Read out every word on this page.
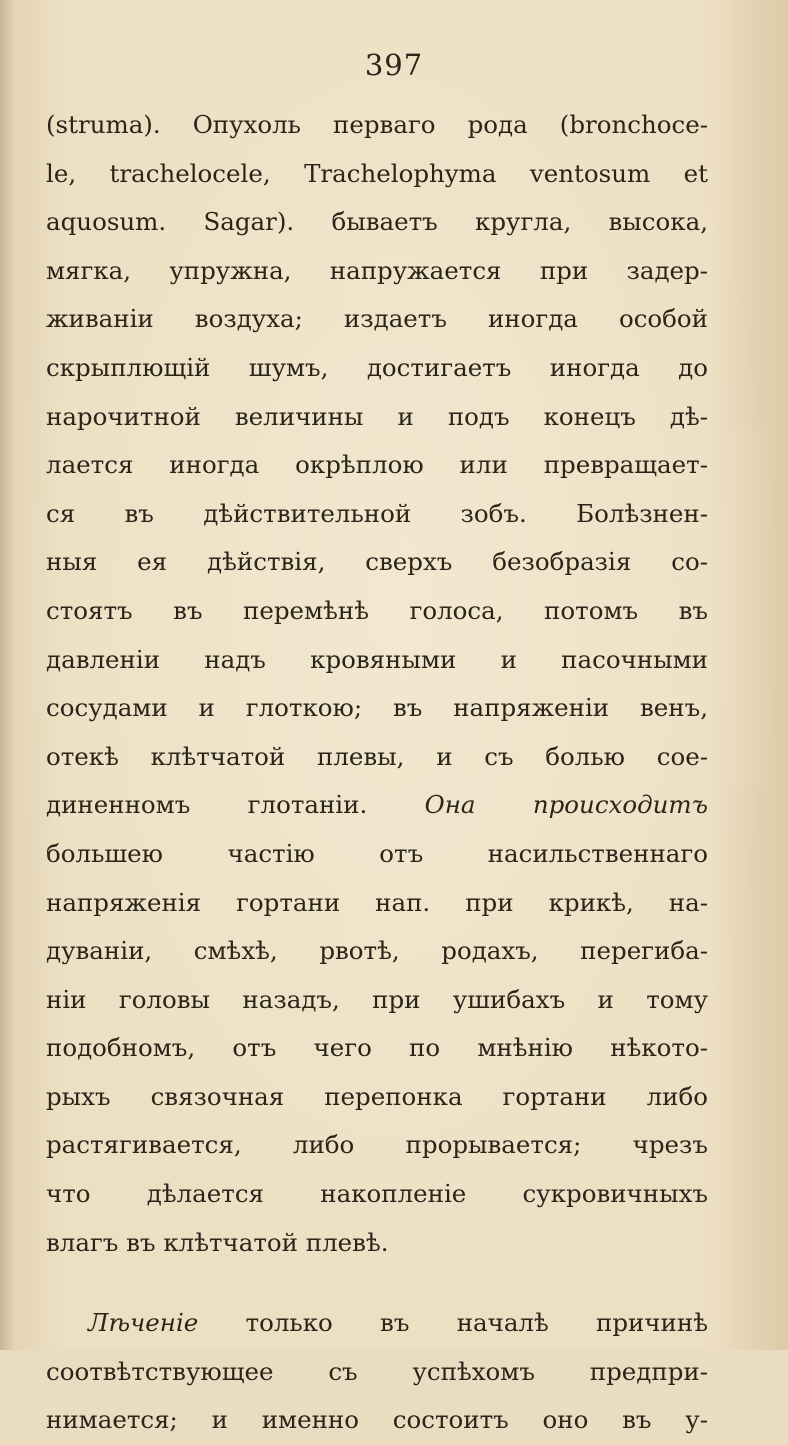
397
(struma). Опухоль перваго рода (bronchoce-
le, trachelocele, Trachelophyma ventosum et
aquosum. Sagar). бываетъ кругла, высока,
мягка, упружна, напружается при задер-
живаніи воздуха; издаетъ иногда особой
скрыплющій шумъ, достигаетъ иногда до
нарочитной величины и подъ конецъ дѣ-
лается иногда окрѣплою или превращает-
ся въ дѣйствительной зобъ. Болѣзнен-
ныя ея дѣйствія, сверхъ безобразія со-
стоятъ въ перемѣнѣ голоса, потомъ въ
давленіи надъ кровяными и пасочными
сосудами и глоткою; въ напряженіи венъ,
отекѣ клѣтчатой плевы, и съ болью сое-
диненномъ глотаніи. Она происходитъ
большею частію отъ насильственнаго
напряженія гортани нап. при крикѣ, на-
дуваніи, смѣхѣ, рвотѣ, родахъ, перегиба-
ніи головы назадъ, при ушибахъ и тому
подобномъ, отъ чего по мнѣнію нѣкото-
рыхъ связочная перепонка гортани либо
растягивается, либо прорывается; чрезъ
что дѣлается накопленіе сукровичныхъ
влагъ въ клѣтчатой плевѣ.
Лѣченіе только въ началѣ причинѣ
соотвѣтствующее съ успѣхомъ предпри-
нимается; и именно состоитъ оно въ у-
